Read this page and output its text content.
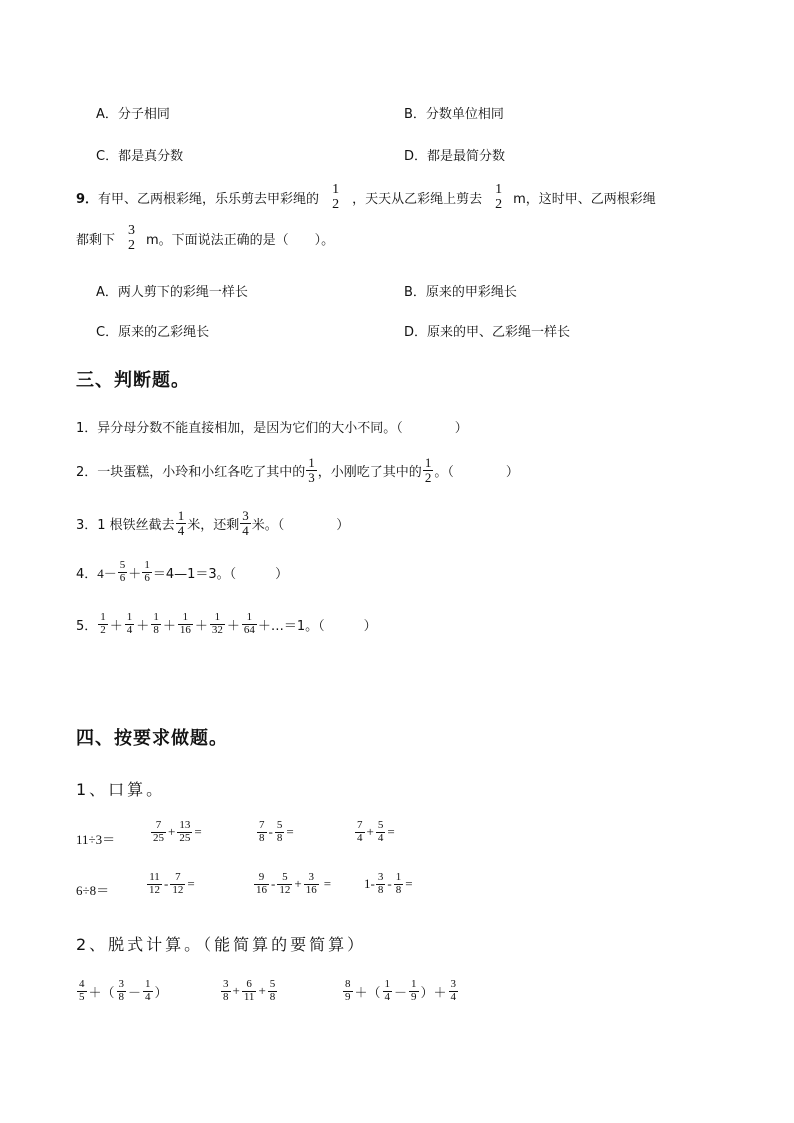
A． 分子相同	B． 分数单位相同
C． 都是真分数	D． 都是最简分数
9． 有甲、乙两根彩绳，乐乐剪去甲彩绳的
1
2	，天天从乙彩绳上剪去
1
2 m，这时甲、乙两根彩绳
都剩下
3
2 m。下面说法正确的是（　　）。
A． 两人剪下的彩绳一样长	B． 原来的甲彩绳长
C． 原来的乙彩绳长	D． 原来的甲、乙彩绳一样长
三、判断题。
1． 异分母分数不能直接相加，是因为它们的大小不同。（　　　　）
2． 一块蛋糕，小玲和小红各吃了其中的 $\frac{1}{3}$ ，小刚吃了其中的 $\frac{1}{2}$ 。（　　　　）
3． 1 根铁丝截去 $\frac{1}{4}$ 米，还剩 $\frac{3}{4}$ 米。（　　　　）
4． $4- \frac{5}{6} + \frac{1}{6}$ ＝4—1＝3。（　　　）
5． $\frac{1}{2} + \frac{1}{4} + \frac{1}{8} + \frac{1}{16} + \frac{1}{32} + \frac{1}{64}$ ＋…＝1。（　　　）
四、按要求做题。
1、口算。
11÷3＝	$\frac{7}{25} + \frac{13}{25}$ =	$\frac{7}{8} - \frac{5}{8}$ =	$\frac{7}{4} + \frac{5}{4}$ =
6÷8＝	$\frac{11}{12} - \frac{7}{12}$ =	$\frac{9}{16} - \frac{5}{12} + \frac{3}{16}$ =	$1- \frac{3}{8} - \frac{1}{8}$ =
2、脱式计算。（能简算的要简算）
$\frac{4}{5}$ ＋（ $\frac{3}{8} - \frac{1}{4}$ ）	$\frac{3}{8} + \frac{6}{11} + \frac{5}{8}$	$\frac{8}{9}$ ＋（ $\frac{1}{4} - \frac{1}{9}$ ）＋ $\frac{3}{4}$
